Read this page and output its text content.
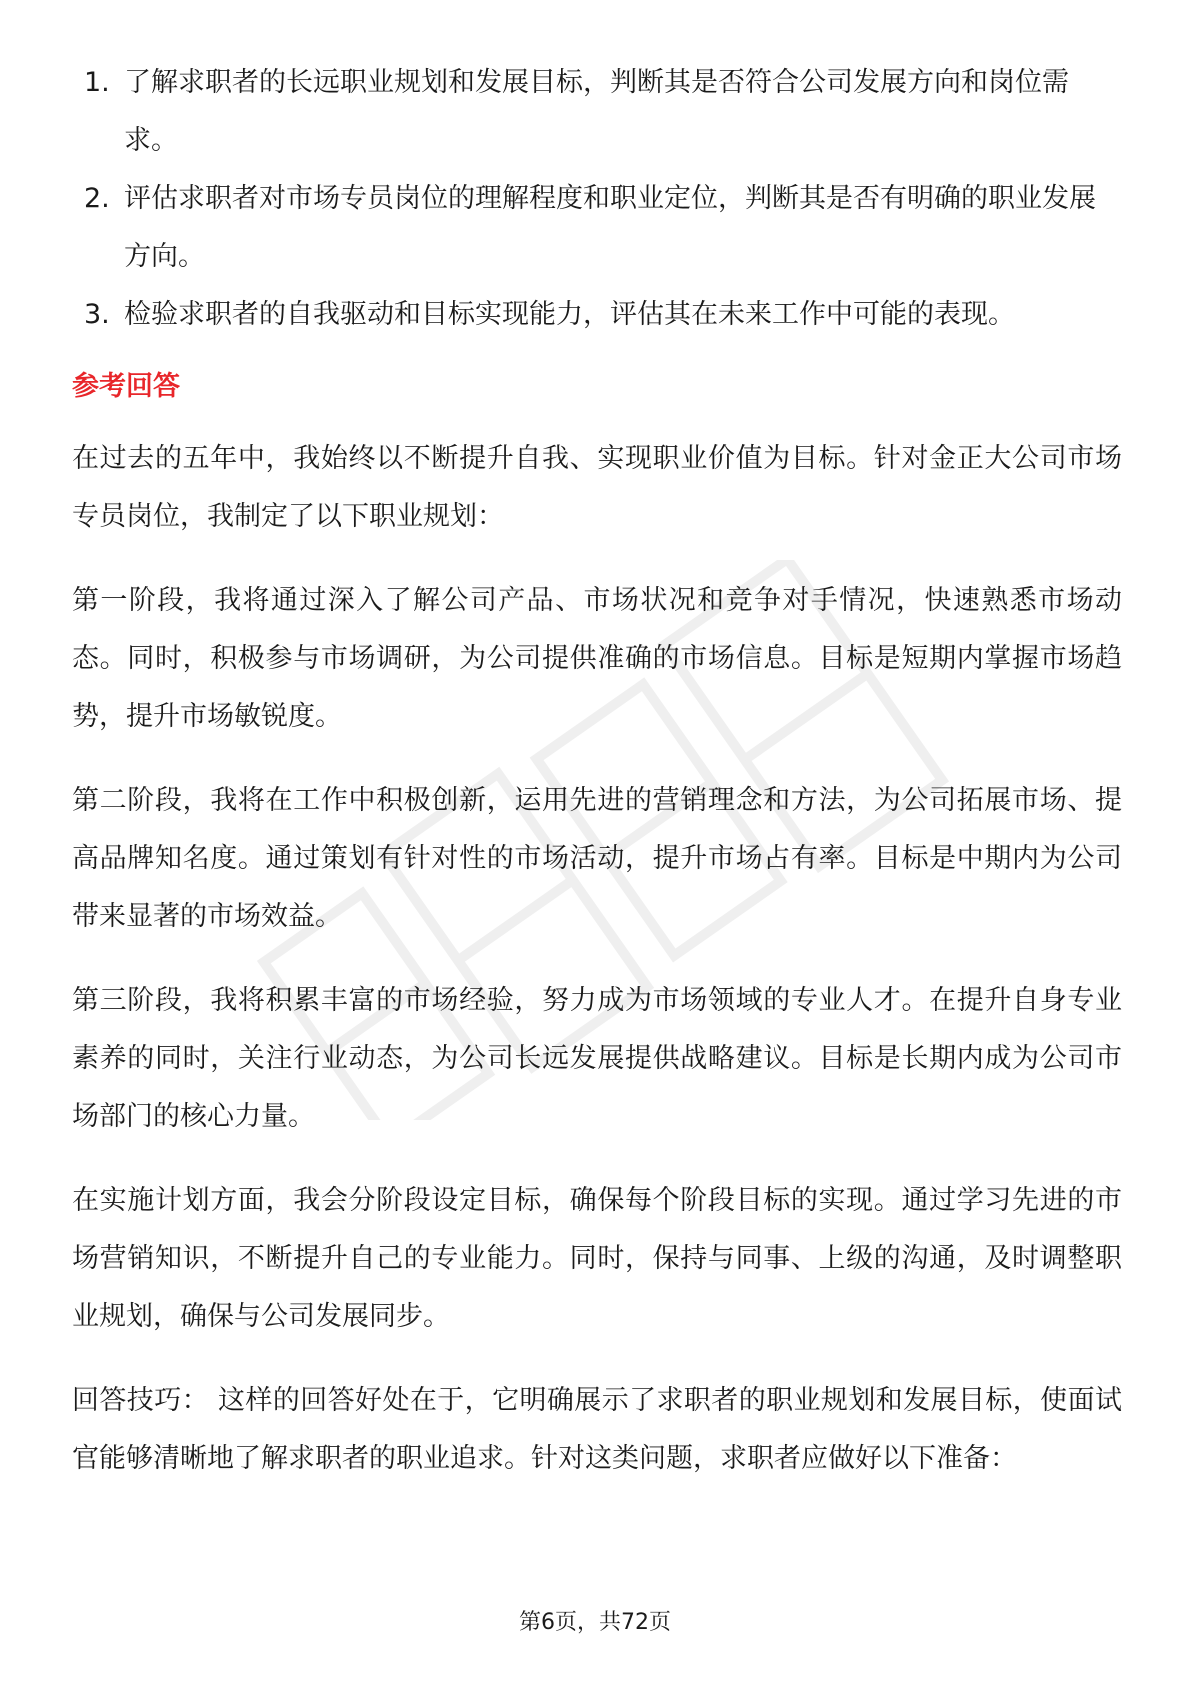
1. 了解求职者的长远职业规划和发展目标，判断其是否符合公司发展方向和岗位需求。
2. 评估求职者对市场专员岗位的理解程度和职业定位，判断其是否有明确的职业发展方向。
3. 检验求职者的自我驱动和目标实现能力，评估其在未来工作中可能的表现。
参考回答

在过去的五年中，我始终以不断提升自我、实现职业价值为目标。针对金正大公司市场专员岗位，我制定了以下职业规划：

第一阶段，我将通过深入了解公司产品、市场状况和竞争对手情况，快速熟悉市场动态。同时，积极参与市场调研，为公司提供准确的市场信息。目标是短期内掌握市场趋势，提升市场敏锐度。

第二阶段，我将在工作中积极创新，运用先进的营销理念和方法，为公司拓展市场、提高品牌知名度。通过策划有针对性的市场活动，提升市场占有率。目标是中期内为公司带来显著的市场效益。

第三阶段，我将积累丰富的市场经验，努力成为市场领域的专业人才。在提升自身专业素养的同时，关注行业动态，为公司长远发展提供战略建议。目标是长期内成为公司市场部门的核心力量。

在实施计划方面，我会分阶段设定目标，确保每个阶段目标的实现。通过学习先进的市场营销知识，不断提升自己的专业能力。同时，保持与同事、上级的沟通，及时调整职业规划，确保与公司发展同步。

回答技巧： 这样的回答好处在于，它明确展示了求职者的职业规划和发展目标，使面试官能够清晰地了解求职者的职业追求。针对这类问题，求职者应做好以下准备：

第6页，共72页
